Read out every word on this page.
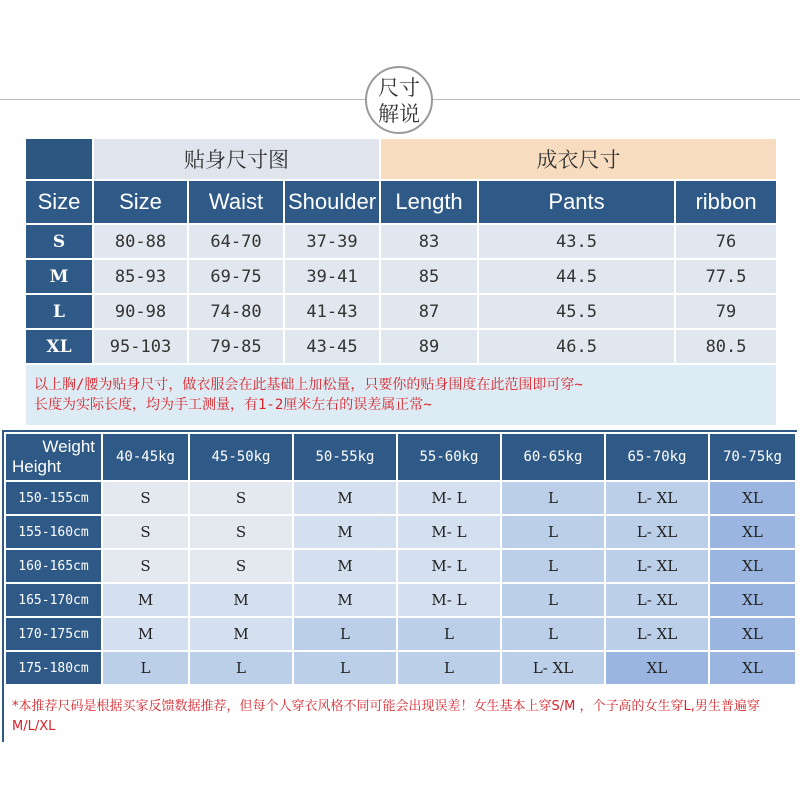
尺寸
解说
	贴身尺寸图			成衣尺寸		
Size	Size	Waist	Shoulder	Length	Pants	ribbon
S	80-88	64-70	37-39	83	43.5	76
M	85-93	69-75	39-41	85	44.5	77.5
L	90-98	74-80	41-43	87	45.5	79
XL	95-103	79-85	43-45	89	46.5	80.5

以上胸/腰为贴身尺寸，做衣服会在此基础上加松量，只要你的贴身围度在此范围即可穿~
长度为实际长度，均为手工测量，有1-2厘米左右的误差属正常~						
Weight
Height	40-45kg	45-50kg	50-55kg	55-60kg	60-65kg	65-70kg	70-75kg
150-155cm	S	S	M	M- L	L	L- XL	XL
155-160cm	S	S	M	M- L	L	L- XL	XL
160-165cm	S	S	M	M- L	L	L- XL	XL
165-170cm	M	M	M	M- L	L	L- XL	XL
170-175cm	M	M	L	L	L	L- XL	XL
175-180cm	L	L	L	L	L- XL	XL	XL
*本推荐尺码是根据买家反馈数据推荐，但每个人穿衣风格不同可能会出现误差！女生基本上穿S/M ，个子高的女生穿L,男生普遍穿M/L/XL							
